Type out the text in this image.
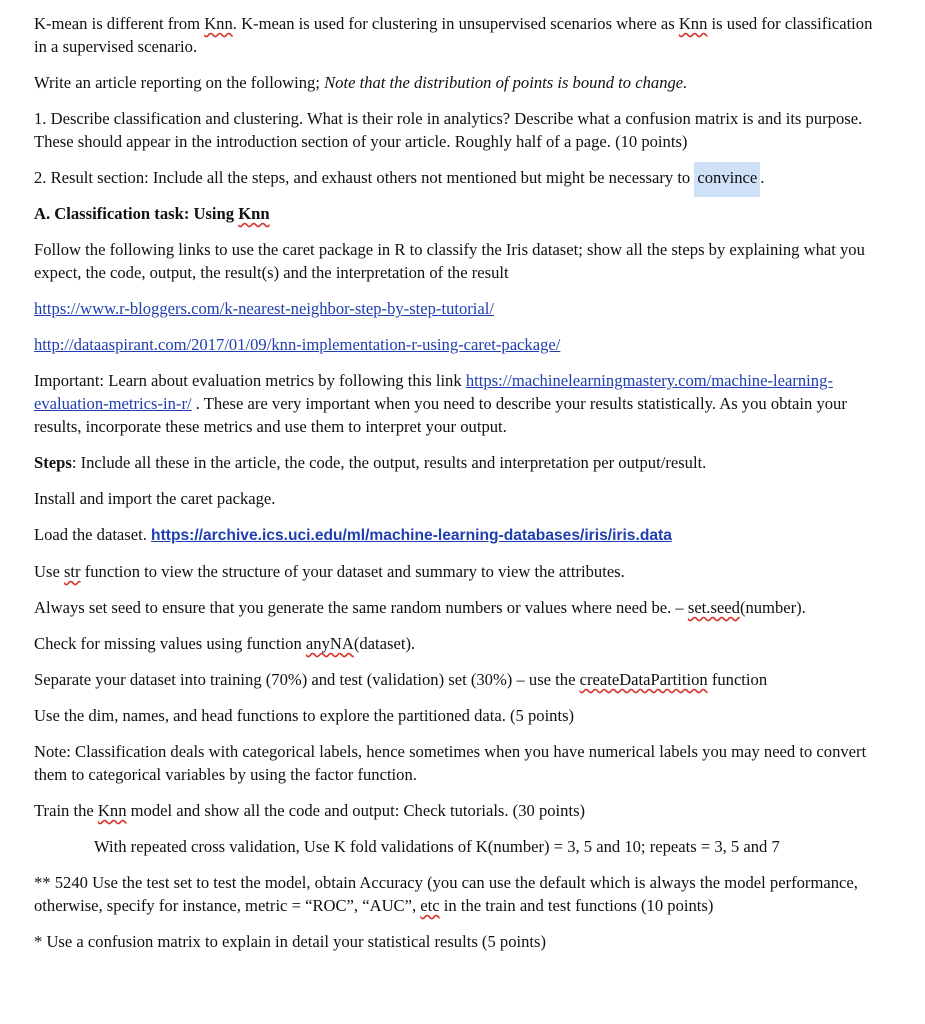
K-mean is different from Knn. K-mean is used for clustering in unsupervised scenarios where as Knn is used for classification in a supervised scenario.

Write an article reporting on the following; Note that the distribution of points is bound to change.

1. Describe classification and clustering. What is their role in analytics? Describe what a confusion matrix is and its purpose. These should appear in the introduction section of your article. Roughly half of a page. (10 points)

2. Result section: Include all the steps, and exhaust others not mentioned but might be necessary to convince .

A. Classification task: Using Knn

Follow the following links to use the caret package in R to classify the Iris dataset; show all the steps by explaining what you expect, the code, output, the result(s) and the interpretation of the result

https://www.r-bloggers.com/k-nearest-neighbor-step-by-step-tutorial/

http://dataaspirant.com/2017/01/09/knn-implementation-r-using-caret-package/

Important: Learn about evaluation metrics by following this link https://machinelearningmastery.com/machine-learning-evaluation-metrics-in-r/ . These are very important when you need to describe your results statistically. As you obtain your results, incorporate these metrics and use them to interpret your output.

Steps: Include all these in the article, the code, the output, results and interpretation per output/result.

Install and import the caret package.

Load the dataset. https://archive.ics.uci.edu/ml/machine-learning-databases/iris/iris.data

Use str function to view the structure of your dataset and summary to view the attributes.

Always set seed to ensure that you generate the same random numbers or values where need be. – set.seed(number).

Check for missing values using function anyNA(dataset).

Separate your dataset into training (70%) and test (validation) set (30%) – use the createDataPartition function

Use the dim, names, and head functions to explore the partitioned data. (5 points)

Note: Classification deals with categorical labels, hence sometimes when you have numerical labels you may need to convert them to categorical variables by using the factor function.

Train the Knn model and show all the code and output: Check tutorials. (30 points)

With repeated cross validation, Use K fold validations of K(number) = 3, 5 and 10; repeats = 3, 5 and 7

** 5240 Use the test set to test the model, obtain Accuracy (you can use the default which is always the model performance, otherwise, specify for instance, metric = “ROC”, “AUC”, etc in the train and test functions (10 points)

* Use a confusion matrix to explain in detail your statistical results (5 points)
